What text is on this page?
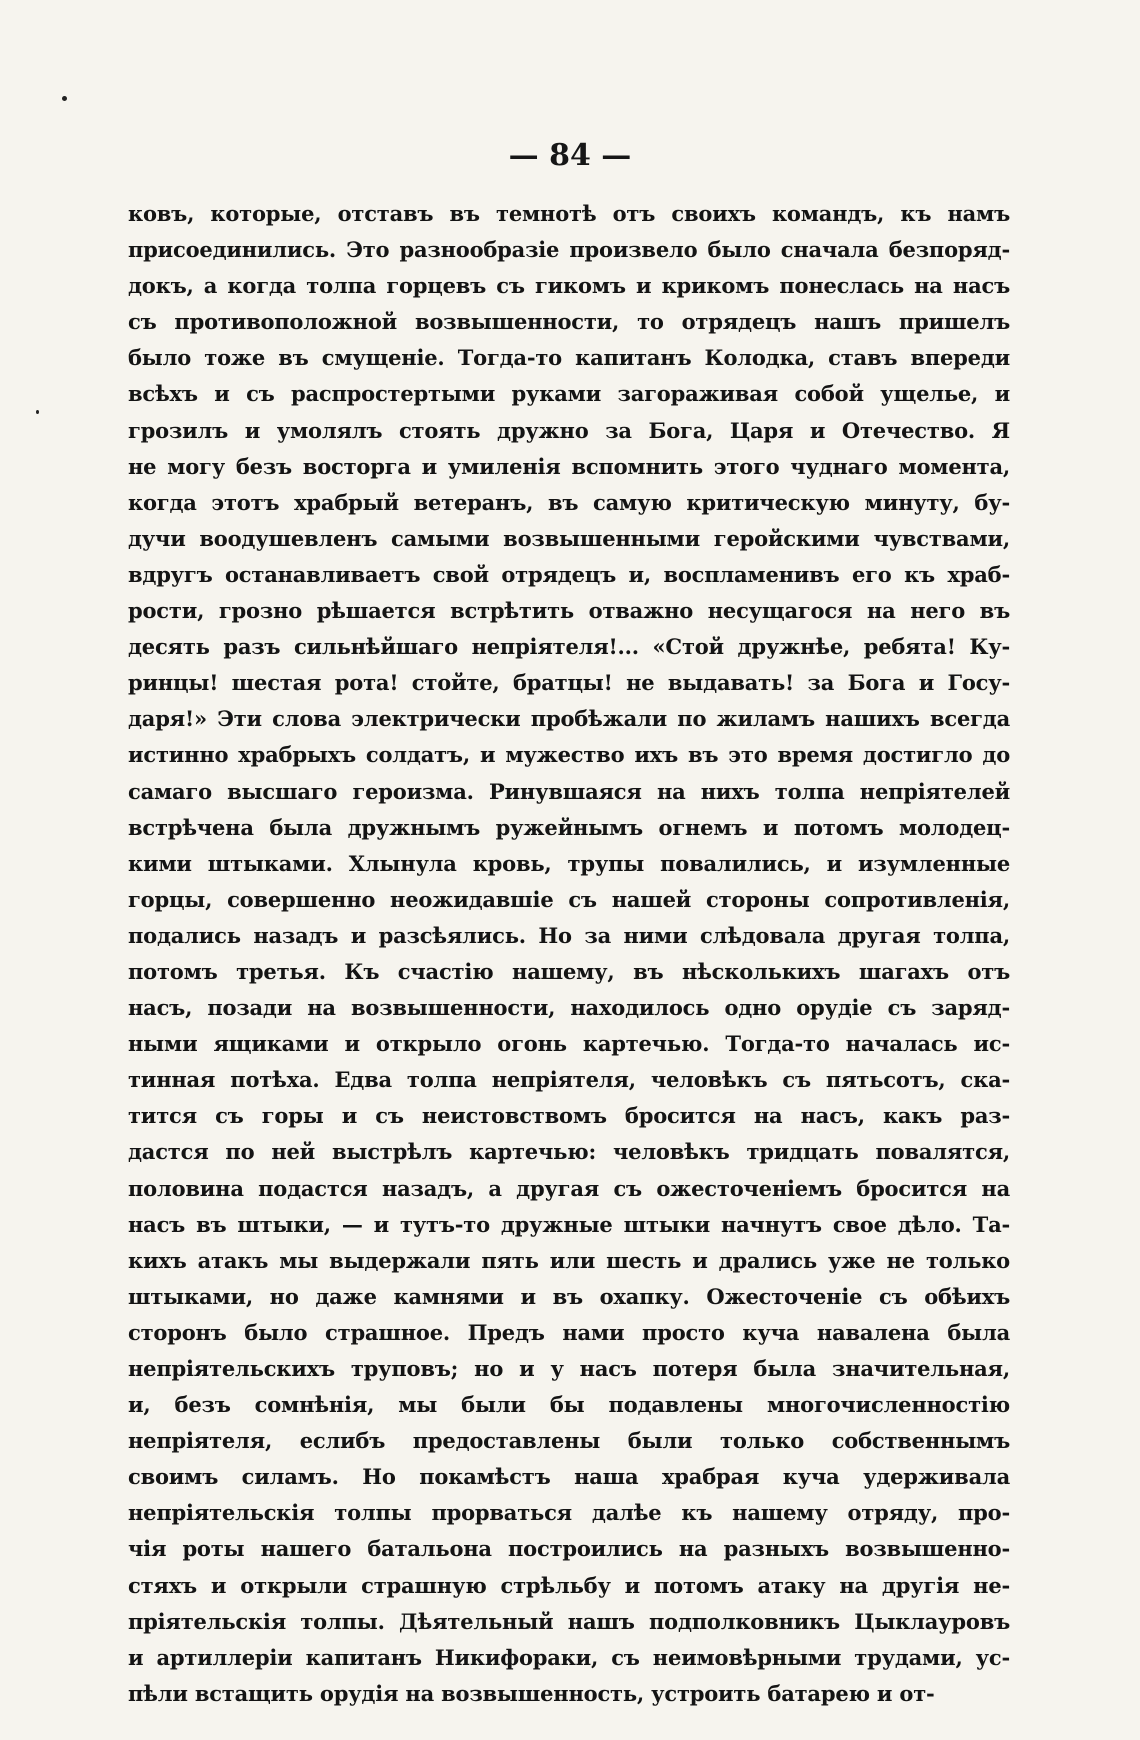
— 84 —
ковъ, которые, отставъ въ темнотѣ отъ своихъ командъ, къ намъ
присоединились. Это разнообразіе произвело было сначала безпоряд-
докъ, а когда толпа горцевъ съ гикомъ и крикомъ понеслась на насъ
съ противоположной возвышенности, то отрядецъ нашъ пришелъ
было тоже въ смущеніе. Тогда-то капитанъ Колодка, ставъ впереди
всѣхъ и съ распростертыми руками загораживая собой ущелье, и
грозилъ и умолялъ стоять дружно за Бога, Царя и Отечество. Я
не могу безъ восторга и умиленія вспомнить этого чуднаго момента,
когда этотъ храбрый ветеранъ, въ самую критическую минуту, бу-
дучи воодушевленъ самыми возвышенными геройскими чувствами,
вдругъ останавливаетъ свой отрядецъ и, воспламенивъ его къ храб-
рости, грозно рѣшается встрѣтить отважно несущагося на него въ
десять разъ сильнѣйшаго непріятеля!... «Стой дружнѣе, ребята! Ку-
ринцы! шестая рота! стойте, братцы! не выдавать! за Бога и Госу-
даря!» Эти слова электрически пробѣжали по жиламъ нашихъ всегда
истинно храбрыхъ солдатъ, и мужество ихъ въ это время достигло до
самаго высшаго героизма. Ринувшаяся на нихъ толпа непріятелей
встрѣчена была дружнымъ ружейнымъ огнемъ и потомъ молодец-
кими штыками. Хлынула кровь, трупы повалились, и изумленные
горцы, совершенно неожидавшіе съ нашей стороны сопротивленія,
подались назадъ и разсѣялись. Но за ними слѣдовала другая толпа,
потомъ третья. Къ счастію нашему, въ нѣсколькихъ шагахъ отъ
насъ, позади на возвышенности, находилось одно орудіе съ заряд-
ными ящиками и открыло огонь картечью. Тогда-то началась ис-
тинная потѣха. Едва толпа непріятеля, человѣкъ съ пятьсотъ, ска-
тится съ горы и съ неистовствомъ бросится на насъ, какъ раз-
дастся по ней выстрѣлъ картечью: человѣкъ тридцать повалятся,
половина подастся назадъ, а другая съ ожесточеніемъ бросится на
насъ въ штыки, — и тутъ-то дружные штыки начнутъ свое дѣло. Та-
кихъ атакъ мы выдержали пять или шесть и дрались уже не только
штыками, но даже камнями и въ охапку. Ожесточеніе съ обѣихъ
сторонъ было страшное. Предъ нами просто куча навалена была
непріятельскихъ труповъ; но и у насъ потеря была значительная,
и, безъ сомнѣнія, мы были бы подавлены многочисленностію
непріятеля, еслибъ предоставлены были только собственнымъ
своимъ силамъ. Но покамѣстъ наша храбрая куча удерживала
непріятельскія толпы прорваться далѣе къ нашему отряду, про-
чія роты нашего батальона построились на разныхъ возвышенно-
стяхъ и открыли страшную стрѣльбу и потомъ атаку на другія не-
пріятельскія толпы. Дѣятельный нашъ подполковникъ Цыклауровъ
и артиллеріи капитанъ Никифораки, съ неимовѣрными трудами, ус-
пѣли встащить орудія на возвышенность, устроить батарею и от-
